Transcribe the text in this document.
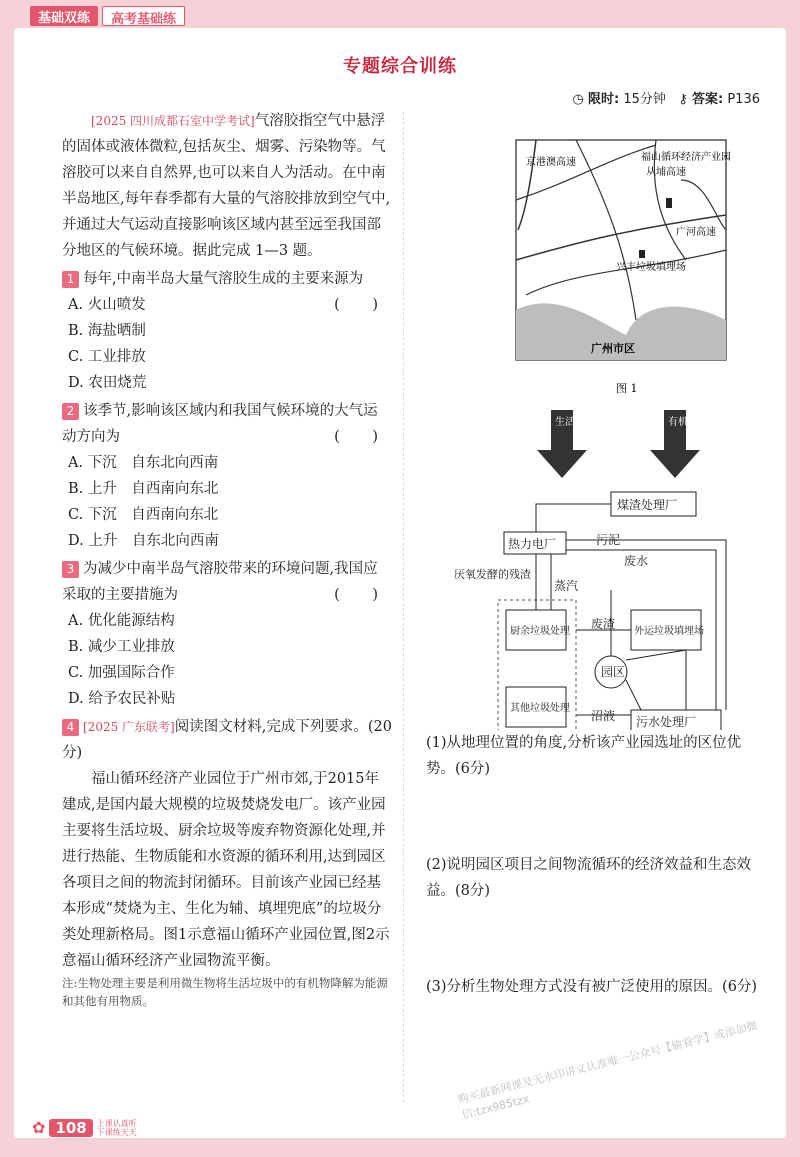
基础双练	高考基础练
专题综合训练
◷ 限时: 15分钟 ⚷ 答案: P136
[2025 四川成都石室中学考试]气溶胶指空气中悬浮的固体或液体微粒,包括灰尘、烟雾、污染物等。气溶胶可以来自自然界,也可以来自人为活动。在中南半岛地区,每年春季都有大量的气溶胶排放到空气中,并通过大气运动直接影响该区域内甚至远至我国部分地区的气候环境。据此完成 1—3 题。
1 每年,中南半岛大量气溶胶生成的主要来源为
( )
A. 火山喷发
B. 海盐晒制
C. 工业排放
D. 农田烧荒
2 该季节,影响该区域内和我国气候环境的大气运动方向为	( )
A. 下沉　自东北向西南
B. 上升　自西南向东北
C. 下沉　自西南向东北
D. 上升　自东北向西南
3 为减少中南半岛气溶胶带来的环境问题,我国应采取的主要措施为	( )
A. 优化能源结构
B. 减少工业排放
C. 加强国际合作
D. 给予农民补贴
4 [2025 广东联考]阅读图文材料,完成下列要求。(20分)
福山循环经济产业园位于广州市郊,于2015年建成,是国内最大规模的垃圾焚烧发电厂。该产业园主要将生活垃圾、厨余垃圾等废弃物资源化处理,并进行热能、生物质能和水资源的循环利用,达到园区各项目之间的物流封闭循环。目前该产业园已经基本形成“焚烧为主、生化为辅、填埋兜底”的垃圾分类处理新格局。图1示意福山循环产业园位置,图2示意福山循环经济产业园物流平衡。
注:生物处理主要是利用微生物将生活垃圾中的有机物降解为能源和其他有用物质。
京港澳高速
从埔高速
福山循环经济产业园
兴丰垃圾填埋场
广河高速
广州市区
图 1
生活垃圾	有机垃圾
煤渣处理厂
热力电厂	污泥
废水
厌氧发酵的残渣
蒸汽
厨余垃圾处理
其他垃圾处理
废渣
外运垃圾填埋场
园区
沼液 污水处理厂
(1)从地理位置的角度,分析该产业园选址的区位优势。(6分)
(2)说明园区项目之间物流循环的经济效益和生态效益。(8分)
(3)分析生物处理方式没有被广泛使用的原因。(6分)
✿ 108	上课认真听
下课练天天
购买最新网课及无水印讲义认准唯一公众号【偷看学】或添加微信:tzx985tzx
